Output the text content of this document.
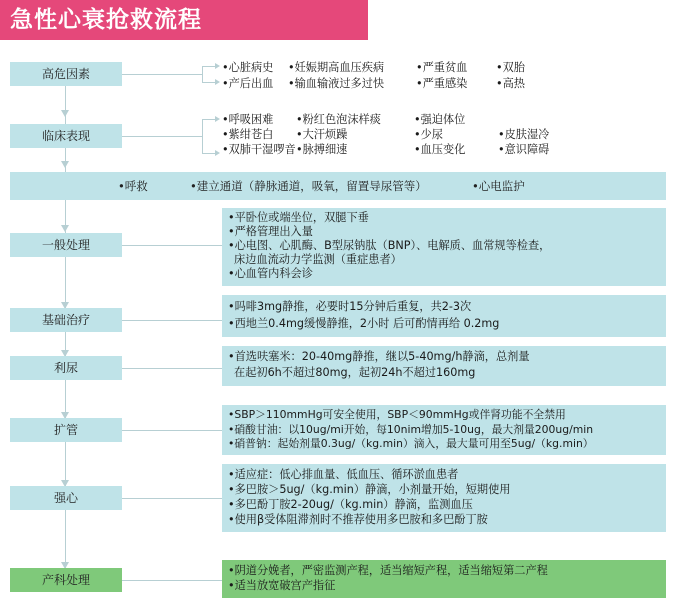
急性心衰抢救流程
高危因素	•心脏病史	•妊娠期高血压疾病	•严重贫血	•双胎
•产后出血	•输血输液过多过快	•严重感染	•高热
临床表现
•呼吸困难	•粉红色泡沫样痰	•强迫体位
•紫绀苍白	•大汗烦躁	•少尿	•皮肤湿冷
•双肺干湿啰音 •脉搏细速	•血压变化	•意识障碍
•呼救	•建立通道（静脉通道，吸氧，留置导尿管等）	•心电监护
一般处理
•平卧位或端坐位，双腿下垂
•严格管理出入量
•心电图、心肌酶、B型尿钠肽（BNP）、电解质、血常规等检查，
床边血流动力学监测（重症患者）
•心血管内科会诊
基础治疗
•吗啡3mg静推，必要时15分钟后重复，共2-3次
•西地兰0.4mg缓慢静推，2小时 后可酌情再给 0.2mg
利尿
•首选呋塞米：20-40mg静推，继以5-40mg/h静滴，总剂量
在起初6h不超过80mg，起初24h不超过160mg
扩管
•SBP＞110mmHg可安全使用，SBP＜90mmHg或伴肾功能不全禁用
•硝酸甘油：以10ug/mi开始，每10nim增加5-10ug，最大剂量200ug/min
•硝普钠：起始剂量0.3ug/（kg.min）滴入，最大量可用至5ug/（kg.min）
强心
•适应症：低心排血量、低血压、循环淤血患者
•多巴胺＞5ug/（kg.min）静滴，小剂量开始，短期使用
•多巴酚丁胺2-20ug/（kg.min）静滴，监测血压
•使用β受体阻滞剂时不推荐使用多巴胺和多巴酚丁胺
产科处理
•阴道分娩者，严密监测产程，适当缩短产程，适当缩短第二产程
•适当放宽破宫产指征
